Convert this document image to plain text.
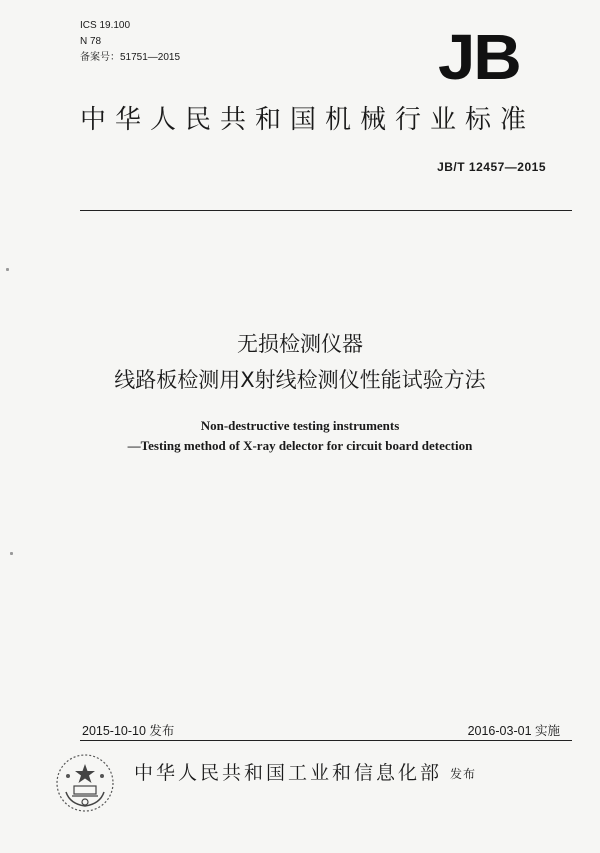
ICS 19.100
N 78
备案号：51751—2015	JB
中华人民共和国机械行业标准
JB/T 12457—2015
无损检测仪器
线路板检测用X射线检测仪性能试验方法
Non-destructive testing instruments
—Testing method of X-ray delector for circuit board detection
2015-10-10 发布	2016-03-01 实施
中华人民共和国工业和信息化部 发布
